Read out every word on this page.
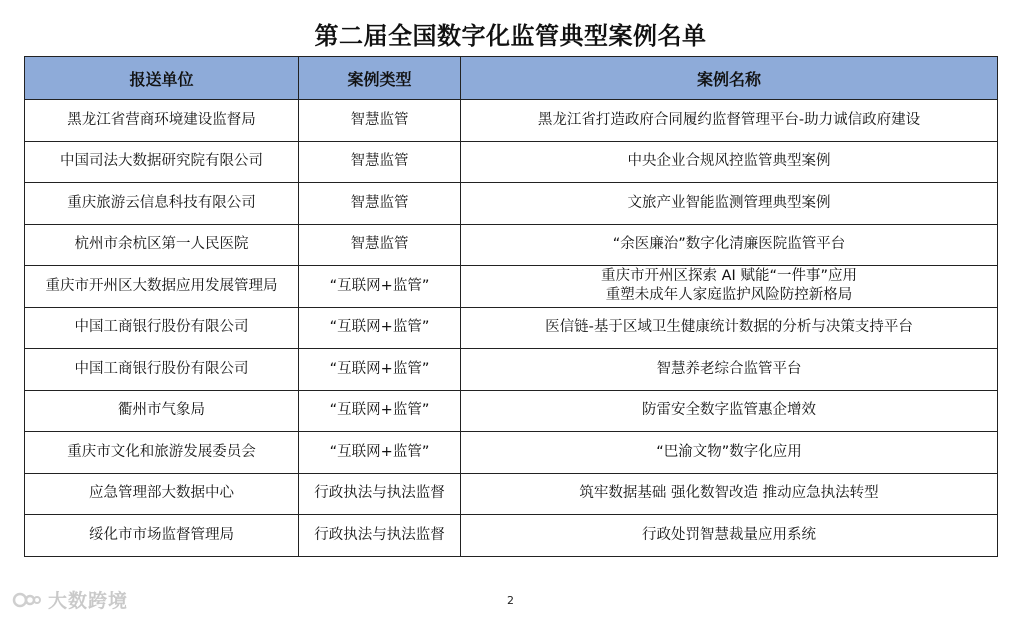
第二届全国数字化监管典型案例名单
报送单位	案例类型	案例名称
黑龙江省营商环境建设监督局	智慧监管	黑龙江省打造政府合同履约监督管理平台-助力诚信政府建设

中国司法大数据研究院有限公司	智慧监管	中央企业合规风控监管典型案例

重庆旅游云信息科技有限公司	智慧监管	文旅产业智能监测管理典型案例

杭州市余杭区第一人民医院	智慧监管	“余医廉治”数字化清廉医院监管平台

重庆市开州区大数据应用发展管理局	“互联网+监管”	重庆市开州区探索 AI 赋能“一件事”应用
重塑未成年人家庭监护风险防控新格局

中国工商银行股份有限公司	“互联网+监管”	医信链-基于区域卫生健康统计数据的分析与决策支持平台

中国工商银行股份有限公司	“互联网+监管”	智慧养老综合监管平台

衢州市气象局	“互联网+监管”	防雷安全数字监管惠企增效

重庆市文化和旅游发展委员会	“互联网+监管”	“巴渝文物”数字化应用

应急管理部大数据中心	行政执法与执法监督	筑牢数据基础 强化数智改造 推动应急执法转型

绥化市市场监督管理局	行政执法与执法监督	行政处罚智慧裁量应用系统
大数跨境	2
